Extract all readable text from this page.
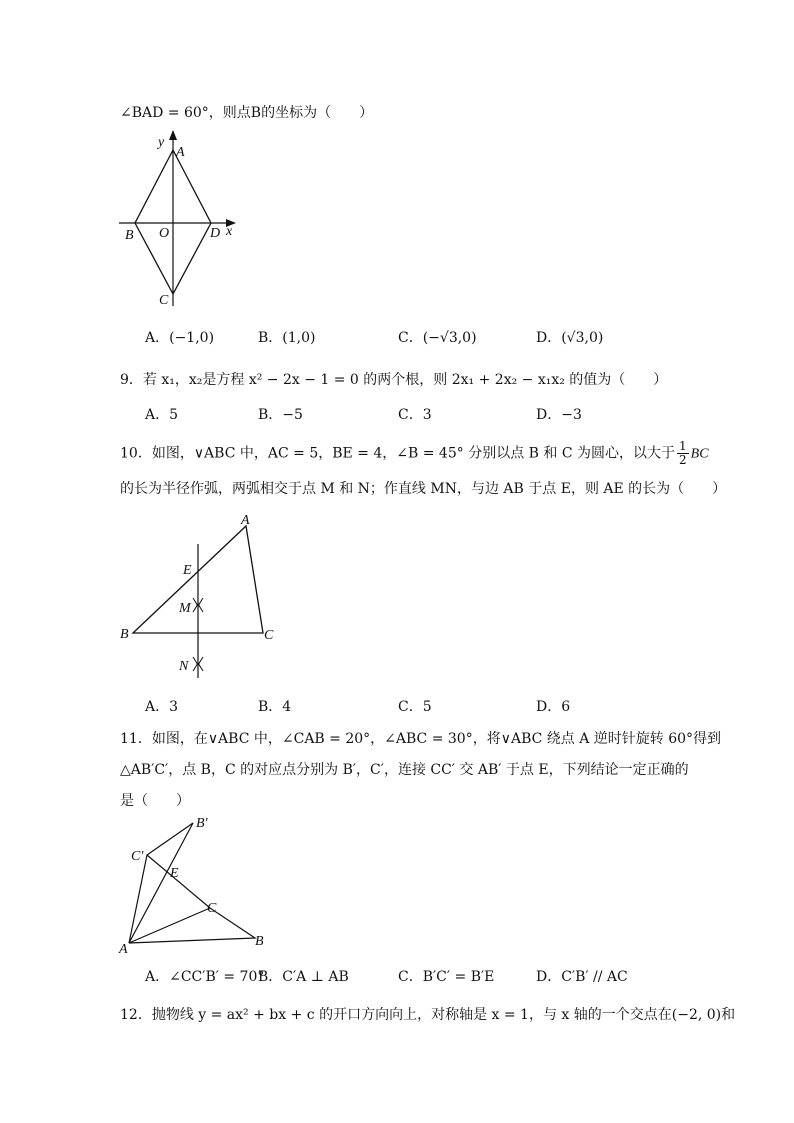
∠BAD = 60°，则点B的坐标为（　　）
y
A
B O	D x
C
A．(−1,0)	B．(1,0)	C．(−√3,0)	D．(√3,0)
9．若 x₁，x₂是方程 x² − 2x − 1 = 0 的两个根，则 2x₁ + 2x₂ − x₁x₂ 的值为（　　）
A．5	B．−5	C．3	D．−3
10．如图，∨ABC 中，AC = 5，BE = 4，∠B = 45° 分别以点 B 和 C 为圆心，以大于 $\frac{1}{2}$ BC
的长为半径作弧，两弧相交于点 M 和 N；作直线 MN，与边 AB 于点 E，则 AE 的长为（　　）
A
E
M
B	C
N
A．3	B．4	C．5	D．6
11．如图，在∨ABC 中，∠CAB = 20°，∠ABC = 30°，将∨ABC 绕点 A 逆时针旋转 60°得到
△AB′C′，点 B，C 的对应点分别为 B′，C′，连接 CC′ 交 AB′ 于点 E，下列结论一定正确的
是（　　）
B′
C′
E
C
A
B
A．∠CC′B′ = 70°
B．C′A ⊥ AB	C．B′C′ = B′E	D．C′B′ // AC
12．抛物线 y = ax² + bx + c 的开口方向向上，对称轴是 x = 1，与 x 轴的一个交点在(−2, 0)和
